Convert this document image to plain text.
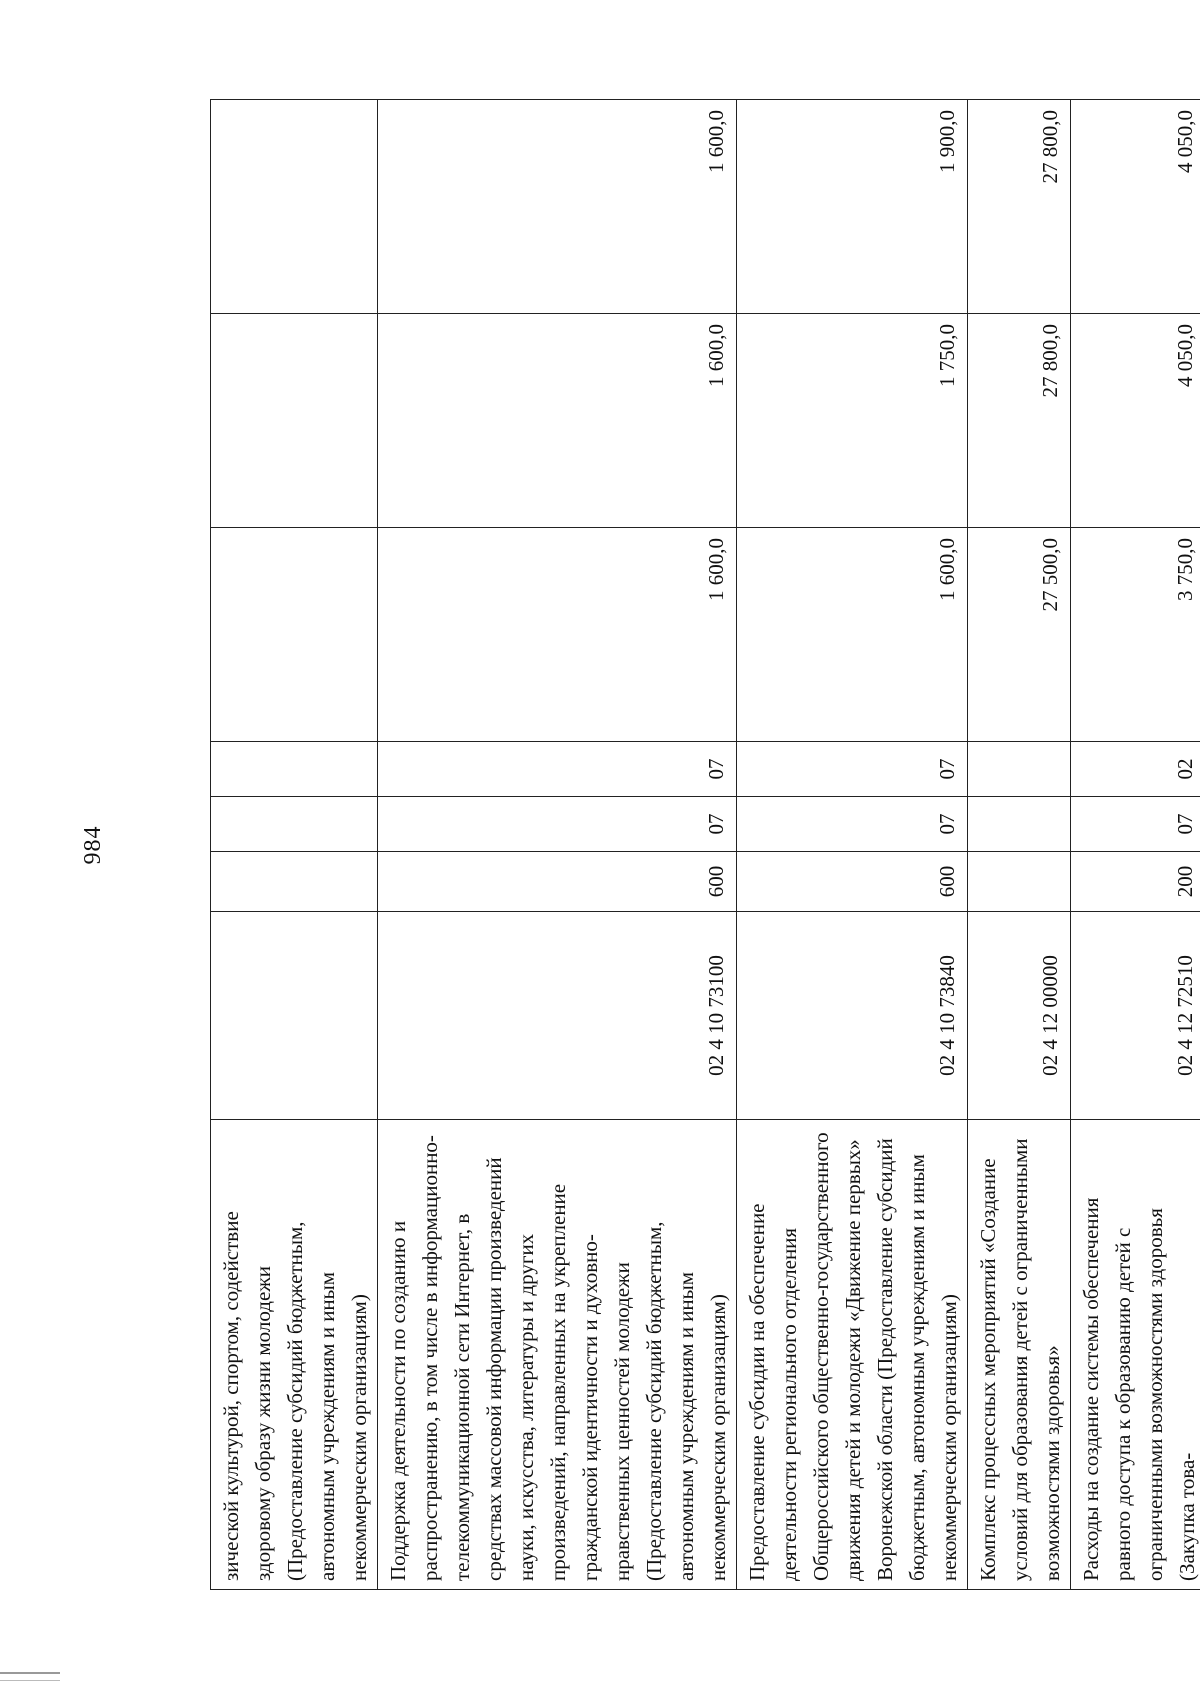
984
зической культурой, спортом, содействие здоровому образу жизни молодежи (Предоставление субсидий бюджетным, автономным учреждениям и иным некоммерческим организациям)							

Поддержка деятельности по созданию и распространению, в том числе в информационно-телекоммуникационной сети Интернет, в средствах массовой информации произведений науки, искусства, литературы и других произведений, направленных на укрепление гражданской идентичности и духовно-нравственных ценностей молодежи (Предоставление субсидий бюджетным, автономным учреждениям и иным некоммерческим организациям)	02 4 10 73100	600	07	07	1 600,0	1 600,0	1 600,0

Предоставление субсидии на обеспечение деятельности регионального отделения Общероссийского общественно-государственного движения детей и молодежи «Движение первых» Воронежской области (Предоставление субсидий бюджетным, автономным учреждениям и иным некоммерческим организациям)	02 4 10 73840	600	07	07	1 600,0	1 750,0	1 900,0

Комплекс процессных мероприятий «Создание условий для образования детей с ограниченными возможностями здоровья»	02 4 12 00000				27 500,0	27 800,0	27 800,0

Расходы на создание системы обеспечения равного доступа к образованию детей с ограниченными возможностями здоровья (Закупка това-	02 4 12 72510	200	07	02	3 750,0	4 050,0	4 050,0
